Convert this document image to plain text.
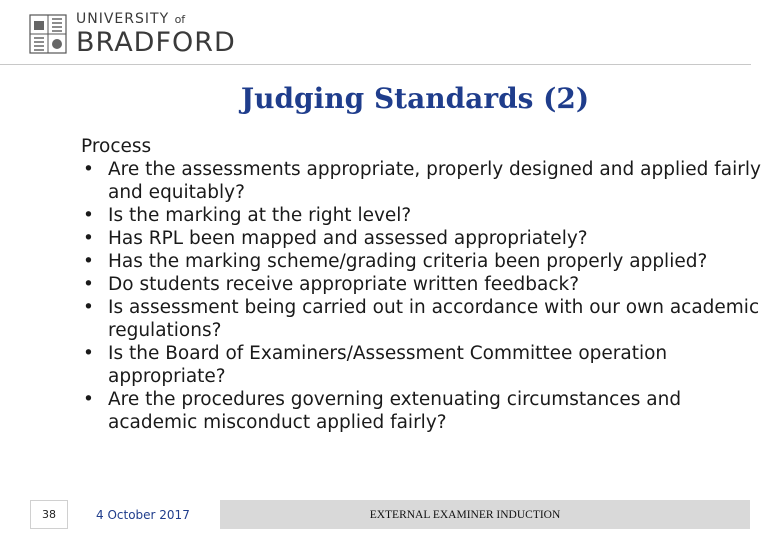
UNIVERSITY of
BRADFORD
Judging Standards (2)

Process

• Are the assessments appropriate, properly designed and applied fairly and equitably?
• Is the marking at the right level?
• Has RPL been mapped and assessed appropriately?
• Has the marking scheme/grading criteria been properly applied?
• Do students receive appropriate written feedback?
• Is assessment being carried out in accordance with our own academic regulations?
• Is the Board of Examiners/Assessment Committee operation appropriate?
• Are the procedures governing extenuating circumstances and academic misconduct applied fairly?
38	4 October 2017	EXTERNAL EXAMINER INDUCTION
